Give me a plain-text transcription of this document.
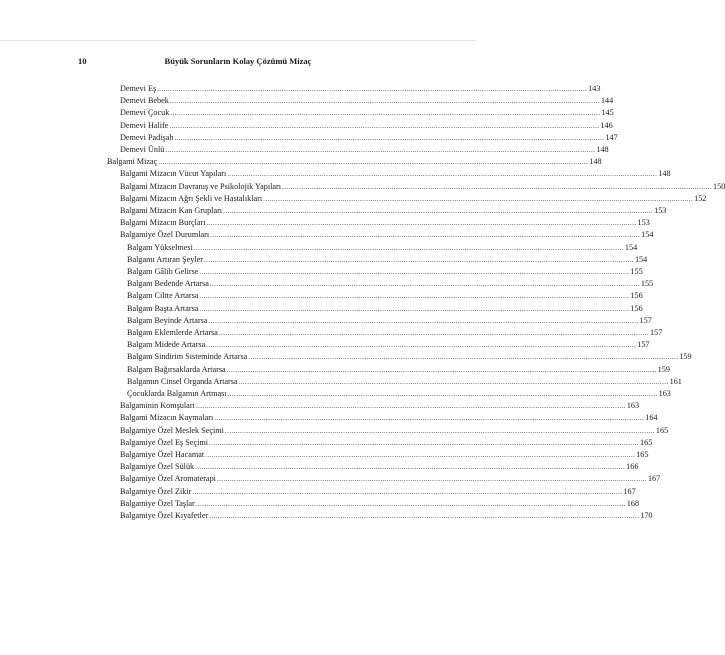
10	Büyük Sorunların Kolay Çözümü Mizaç
Demevi Eş ........................................................................................................................................................................................................ 143
Demevi Bebek ........................................................................................................................................................................................................ 144
Demevi Çocuk ........................................................................................................................................................................................................ 145
Demevi Halife ........................................................................................................................................................................................................ 146
Demevi Padişah ........................................................................................................................................................................................................ 147
Demevi Ünlü ........................................................................................................................................................................................................ 148
Balgami Mizaç ........................................................................................................................................................................................................ 148
Balgami Mizacın Vücut Yapıları ........................................................................................................................................................................................................ 148
Balgami Mizacın Davranış ve Psikolojik Yapıları ........................................................................................................................................................................................................ 150
Balgami Mizacın Ağrı Şekli ve Hastalıkları ........................................................................................................................................................................................................ 152
Balgami Mizacın Kan Grupları ........................................................................................................................................................................................................ 153
Balgami Mizacın Burçları ........................................................................................................................................................................................................ 153
Balgamiye Özel Durumları ........................................................................................................................................................................................................ 154
Balgam Yükselmesi ........................................................................................................................................................................................................ 154
Balgamı Artıran Şeyler ........................................................................................................................................................................................................ 154
Balgam Gâlib Gelirse ........................................................................................................................................................................................................ 155
Balgam Bedende Artarsa ........................................................................................................................................................................................................ 155
Balgam Ciltte Artarsa ........................................................................................................................................................................................................ 156
Balgam Başta Artarsa ........................................................................................................................................................................................................ 156
Balgam Beyinde Artarsa ........................................................................................................................................................................................................ 157
Balgam Eklemlerde Artarsa ........................................................................................................................................................................................................ 157
Balgam Midede Artarsa ........................................................................................................................................................................................................ 157
Balgam Sindirim Sisteminde Artarsa ........................................................................................................................................................................................................ 159
Balgam Bağırsaklarda Artarsa ........................................................................................................................................................................................................ 159
Balgamın Cinsel Organda Artarsa ........................................................................................................................................................................................................ 161
Çocuklarda Balgamın Artması ........................................................................................................................................................................................................ 163
Balgaminin Komşuları ........................................................................................................................................................................................................ 163
Balgami Mizacın Kaymaları ........................................................................................................................................................................................................ 164
Balgamiye Özel Meslek Seçimi ........................................................................................................................................................................................................ 165
Balgamiye Özel Eş Seçimi ........................................................................................................................................................................................................ 165
Balgamiye Özel Hacamat ........................................................................................................................................................................................................ 165
Balgamiye Özel Sülük ........................................................................................................................................................................................................ 166
Balgamiye Özel Aromaterapi ........................................................................................................................................................................................................ 167
Balgamiye Özel Zikir ........................................................................................................................................................................................................ 167
Balgamiye Özel Taşlar ........................................................................................................................................................................................................ 168
Balgamiye Özel Kıyafetler ........................................................................................................................................................................................................ 170
